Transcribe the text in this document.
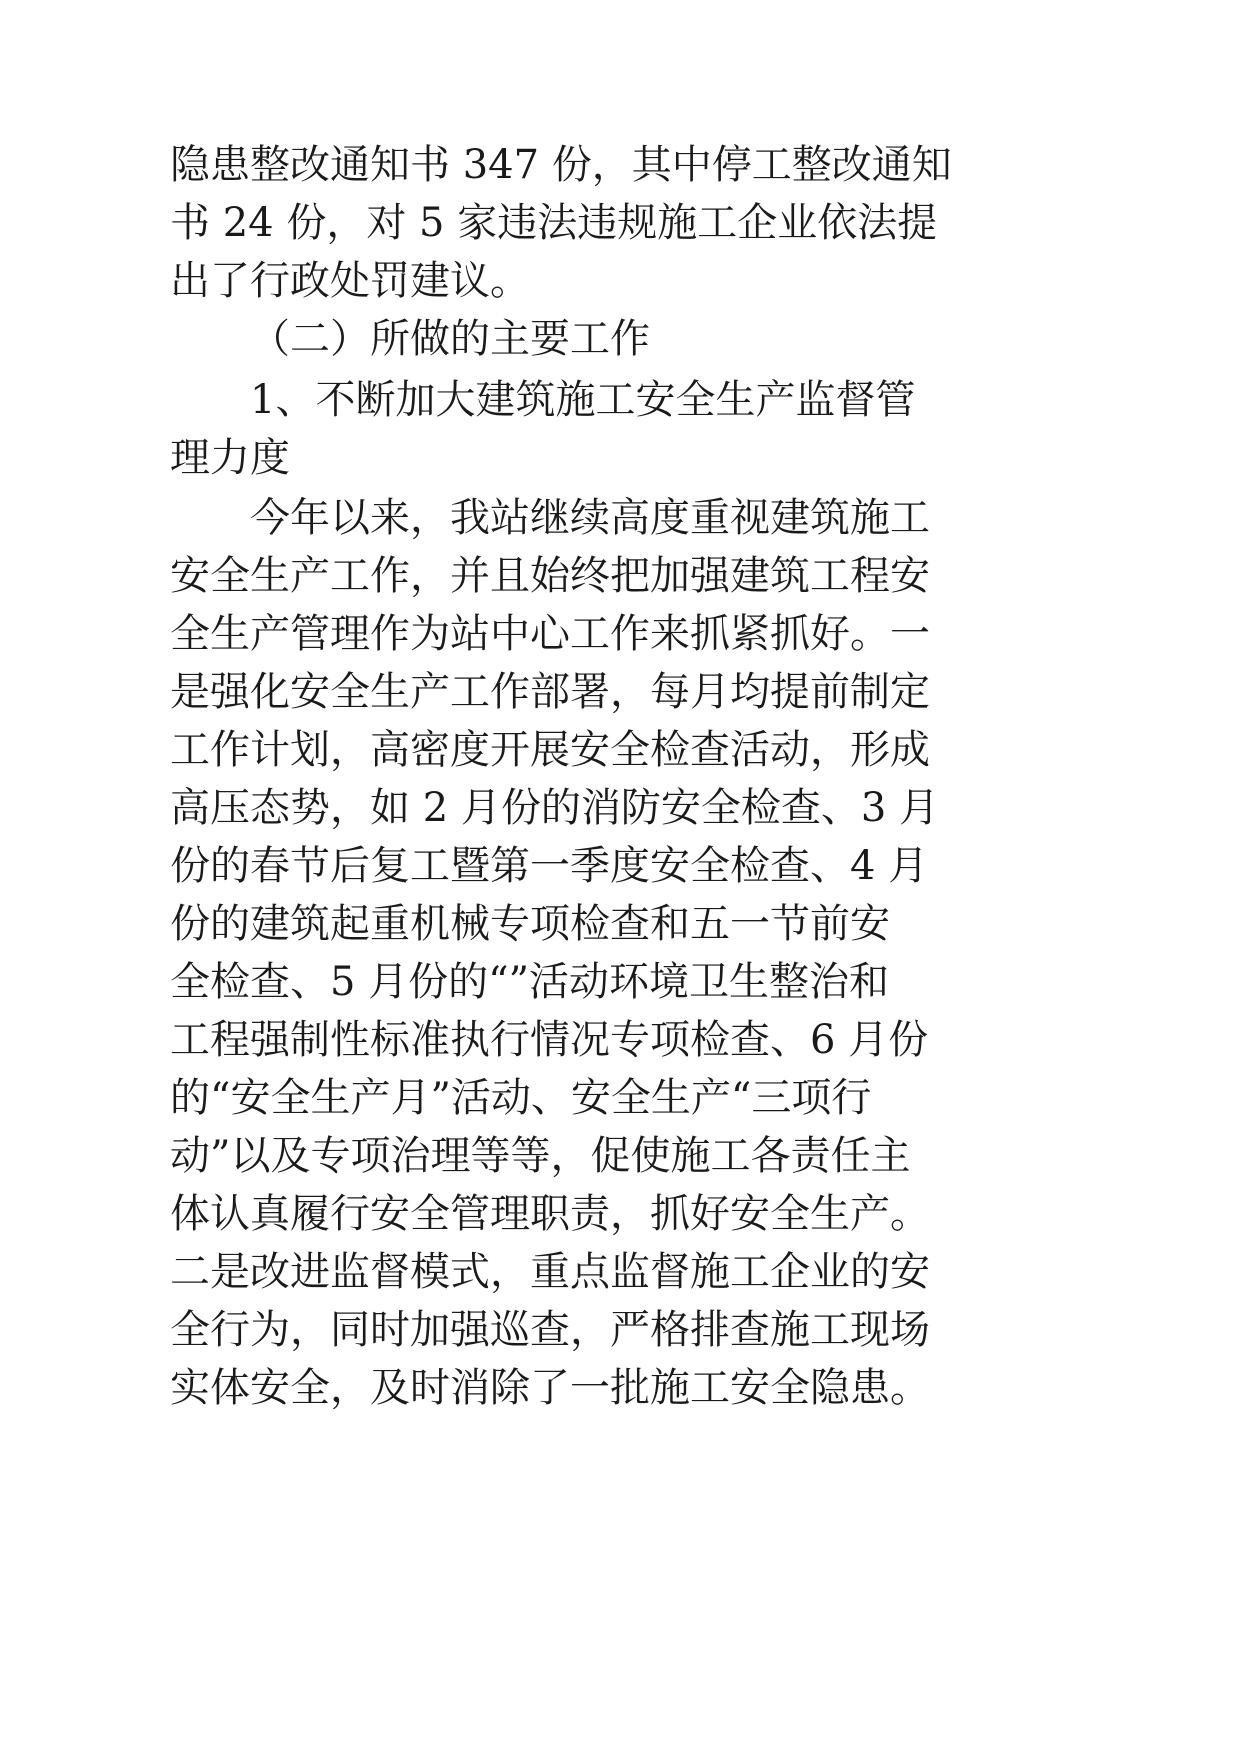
隐患整改通知书 347 份，其中停工整改通知
书 24 份，对 5 家违法违规施工企业依法提
出了行政处罚建议。
（二）所做的主要工作
1、不断加大建筑施工安全生产监督管
理力度
今年以来，我站继续高度重视建筑施工
安全生产工作，并且始终把加强建筑工程安
全生产管理作为站中心工作来抓紧抓好。一
是强化安全生产工作部署，每月均提前制定
工作计划，高密度开展安全检查活动，形成
高压态势，如 2 月份的消防安全检查、3 月
份的春节后复工暨第一季度安全检查、4 月
份的建筑起重机械专项检查和五一节前安
全检查、5 月份的“”活动环境卫生整治和
工程强制性标准执行情况专项检查、6 月份
的“安全生产月”活动、安全生产“三项行
动”以及专项治理等等，促使施工各责任主
体认真履行安全管理职责，抓好安全生产。
二是改进监督模式，重点监督施工企业的安
全行为，同时加强巡查，严格排查施工现场
实体安全，及时消除了一批施工安全隐患。
